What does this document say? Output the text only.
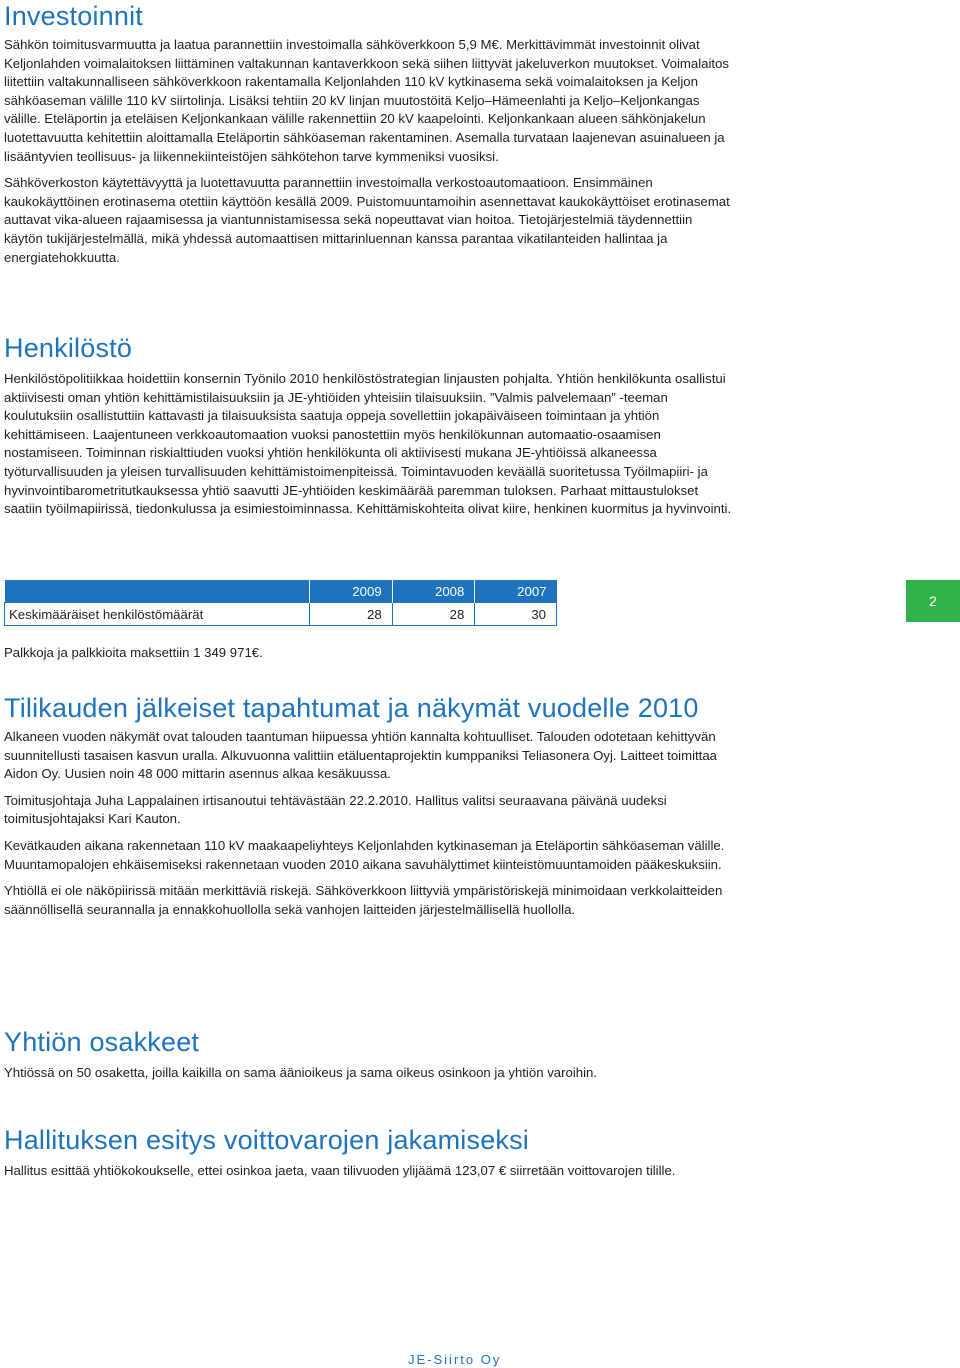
Investoinnit

Sähkön toimitusvarmuutta ja laatua parannettiin investoimalla sähköverkkoon 5,9 M€. Merkittävimmät investoinnit olivat Keljonlahden voimalaitoksen liittäminen valtakunnan kantaverkkoon sekä siihen liittyvät jakeluverkon muutokset. Voimalaitos liitettiin valtakunnalliseen sähköverkkoon rakentamalla Keljonlahden 110 kV kytkinasema sekä voimalaitoksen ja Keljon sähköaseman välille 110 kV siirtolinja. Lisäksi tehtiin 20 kV linjan muutostöitä Keljo–Hämeenlahti ja Keljo–Keljonkangas välille. Eteläportin ja eteläisen Keljonkankaan välille rakennettiin 20 kV kaapelointi. Keljonkankaan alueen sähkönjakelun luotettavuutta kehitettiin aloittamalla Eteläportin sähköaseman rakentaminen. Asemalla turvataan laajenevan asuinalueen ja lisääntyvien teollisuus- ja liikennekiinteistöjen sähkötehon tarve kymmeniksi vuosiksi.

Sähköverkoston käytettävyyttä ja luotettavuutta parannettiin investoimalla verkostoautomaatioon. Ensimmäinen kaukokäyttöinen erotinasema otettiin käyttöön kesällä 2009. Puistomuuntamoihin asennettavat kaukokäyttöiset erotinasemat auttavat vika-alueen rajaamisessa ja viantunnistamisessa sekä nopeuttavat vian hoitoa. Tietojärjestelmiä täydennettiin käytön tukijärjestelmällä, mikä yhdessä automaattisen mittarinluennan kanssa parantaa vikatilanteiden hallintaa ja energiatehokkuutta.

Henkilöstö

Henkilöstöpolitiikkaa hoidettiin konsernin Työnilo 2010 henkilöstöstrategian linjausten pohjalta. Yhtiön henkilökunta osallistui aktiivisesti oman yhtiön kehittämistilaisuuksiin ja JE-yhtiöiden yhteisiin tilaisuuksiin. ”Valmis palvelemaan” -teeman koulutuksiin osallistuttiin kattavasti ja tilaisuuksista saatuja oppeja sovellettiin jokapäiväiseen toimintaan ja yhtiön kehittämiseen. Laajentuneen verkkoautomaation vuoksi panostettiin myös henkilökunnan automaatio-osaamisen nostamiseen. Toiminnan riskialttiuden vuoksi yhtiön henkilökunta oli aktiivisesti mukana JE-yhtiöissä alkaneessa työturvallisuuden ja yleisen turvallisuuden kehittämistoimenpiteissä. Toimintavuoden keväällä suoritetussa Työilmapiiri- ja hyvinvointibarometritutkauksessa yhtiö saavutti JE-yhtiöiden keskimäärää paremman tuloksen. Parhaat mittaustulokset saatiin työilmapiirissä, tiedonkulussa ja esimiestoiminnassa. Kehittämiskohteita olivat kiire, henkinen kuormitus ja hyvinvointi.

Tilikauden jälkeiset tapahtumat ja näkymät vuodelle 2010

Alkaneen vuoden näkymät ovat talouden taantuman hiipuessa yhtiön kannalta kohtuulliset. Talouden odotetaan kehittyvän suunnitellusti tasaisen kasvun uralla. Alkuvuonna valittiin etäluentaprojektin kumppaniksi Teliasonera Oyj. Laitteet toimittaa Aidon Oy. Uusien noin 48 000 mittarin asennus alkaa kesäkuussa.

Toimitusjohtaja Juha Lappalainen irtisanoutui tehtävästään 22.2.2010. Hallitus valitsi seuraavana päivänä uudeksi toimitusjohtajaksi Kari Kauton.

Kevätkauden aikana rakennetaan 110 kV maakaapeliyhteys Keljonlahden kytkinaseman ja Eteläportin sähköaseman välille. Muuntamopalojen ehkäisemiseksi rakennetaan vuoden 2010 aikana savuhälyttimet kiinteistömuuntamoiden pääkeskuksiin.

Yhtiöllä ei ole näköpiirissä mitään merkittäviä riskejä. Sähköverkkoon liittyviä ympäristöriskejä minimoidaan verkkolaitteiden säännöllisellä seurannalla ja ennakkohuollolla sekä vanhojen laitteiden järjestelmällisellä huollolla.

Yhtiön osakkeet

Yhtiössä on 50 osaketta, joilla kaikilla on sama äänioikeus ja sama oikeus osinkoon ja yhtiön varoihin.

Hallituksen esitys voittovarojen jakamiseksi

Hallitus esittää yhtiökokoukselle, ettei osinkoa jaeta, vaan tilivuoden ylijäämä 123,07 € siirretään voittovarojen tilille.

	2009	2008	2007
Keskimääräiset henkilöstömäärät	28	28	30

Palkkoja ja palkkioita maksettiin 1 349 971€.

2
JE-Siirto Oy
